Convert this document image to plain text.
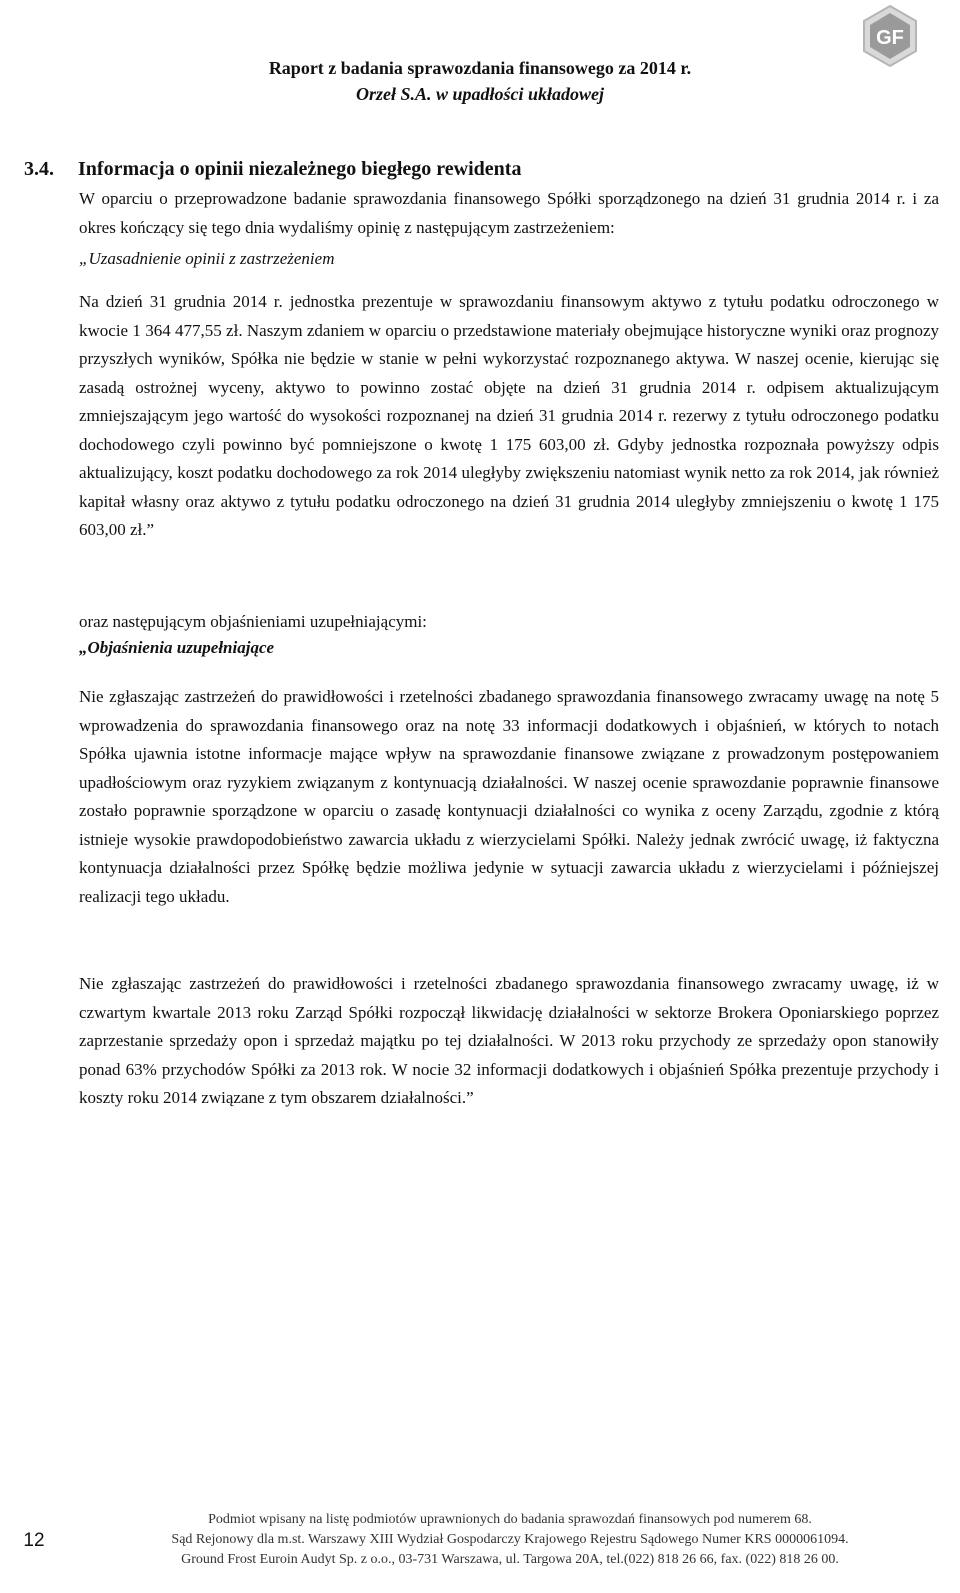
Raport z badania sprawozdania finansowego za 2014 r.
Orzeł S.A. w upadłości układowej
GF
3.4. Informacja o opinii niezależnego biegłego rewidenta
W oparciu o przeprowadzone badanie sprawozdania finansowego Spółki sporządzonego na dzień 31 grudnia 2014 r. i za okres kończący się tego dnia wydaliśmy opinię z następującym zastrzeżeniem:
„Uzasadnienie opinii z zastrzeżeniem
Na dzień 31 grudnia 2014 r. jednostka prezentuje w sprawozdaniu finansowym aktywo z tytułu podatku odroczonego w kwocie 1 364 477,55 zł. Naszym zdaniem w oparciu o przedstawione materiały obejmujące historyczne wyniki oraz prognozy przyszłych wyników, Spółka nie będzie w stanie w pełni wykorzystać rozpoznanego aktywa. W naszej ocenie, kierując się zasadą ostrożnej wyceny, aktywo to powinno zostać objęte na dzień 31 grudnia 2014 r. odpisem aktualizującym zmniejszającym jego wartość do wysokości rozpoznanej na dzień 31 grudnia 2014 r. rezerwy z tytułu odroczonego podatku dochodowego czyli powinno być pomniejszone o kwotę 1 175 603,00 zł. Gdyby jednostka rozpoznała powyższy odpis aktualizujący, koszt podatku dochodowego za rok 2014 uległyby zwiększeniu natomiast wynik netto za rok 2014, jak również kapitał własny oraz aktywo z tytułu podatku odroczonego na dzień 31 grudnia 2014 uległyby zmniejszeniu o kwotę 1 175 603,00 zł.”
oraz następującym objaśnieniami uzupełniającymi:
„Objaśnienia uzupełniające
Nie zgłaszając zastrzeżeń do prawidłowości i rzetelności zbadanego sprawozdania finansowego zwracamy uwagę na notę 5 wprowadzenia do sprawozdania finansowego oraz na notę 33 informacji dodatkowych i objaśnień, w których to notach Spółka ujawnia istotne informacje mające wpływ na sprawozdanie finansowe związane z prowadzonym postępowaniem upadłościowym oraz ryzykiem związanym z kontynuacją działalności. W naszej ocenie sprawozdanie poprawnie finansowe zostało poprawnie sporządzone w oparciu o zasadę kontynuacji działalności co wynika z oceny Zarządu, zgodnie z którą istnieje wysokie prawdopodobieństwo zawarcia układu z wierzycielami Spółki. Należy jednak zwrócić uwagę, iż faktyczna kontynuacja działalności przez Spółkę będzie możliwa jedynie w sytuacji zawarcia układu z wierzycielami i późniejszej realizacji tego układu.
Nie zgłaszając zastrzeżeń do prawidłowości i rzetelności zbadanego sprawozdania finansowego zwracamy uwagę, iż w czwartym kwartale 2013 roku Zarząd Spółki rozpoczął likwidację działalności w sektorze Brokera Oponiarskiego poprzez zaprzestanie sprzedaży opon i sprzedaż majątku po tej działalności. W 2013 roku przychody ze sprzedaży opon stanowiły ponad 63% przychodów Spółki za 2013 rok. W nocie 32 informacji dodatkowych i objaśnień Spółka prezentuje przychody i koszty roku 2014 związane z tym obszarem działalności.”
12
Podmiot wpisany na listę podmiotów uprawnionych do badania sprawozdań finansowych pod numerem 68.
Sąd Rejonowy dla m.st. Warszawy XIII Wydział Gospodarczy Krajowego Rejestru Sądowego Numer KRS 0000061094.
Ground Frost Euroin Audyt Sp. z o.o., 03-731 Warszawa, ul. Targowa 20A, tel.(022) 818 26 66, fax. (022) 818 26 00.
